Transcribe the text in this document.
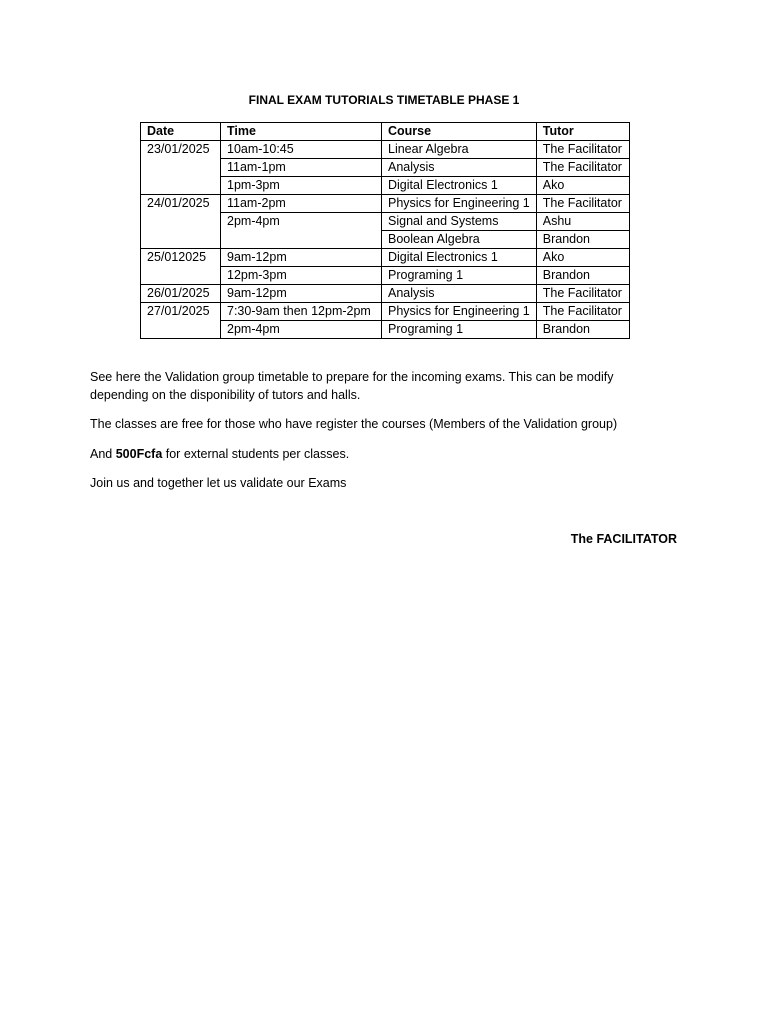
FINAL EXAM TUTORIALS TIMETABLE PHASE 1
Date	Time	Course	Tutor
23/01/2025	10am-10:45	Linear Algebra	The Facilitator
	11am-1pm	Analysis	The Facilitator
	1pm-3pm	Digital Electronics 1	Ako
24/01/2025	11am-2pm	Physics for Engineering 1	The Facilitator
	2pm-4pm	Signal and Systems	Ashu
		Boolean Algebra	Brandon
25/012025	9am-12pm	Digital Electronics 1	Ako
	12pm-3pm	Programing 1	Brandon
26/01/2025	9am-12pm	Analysis	The Facilitator
27/01/2025	7:30-9am then 12pm-2pm	Physics for Engineering 1	The Facilitator
	2pm-4pm	Programing 1	Brandon
See here the Validation group timetable to prepare for the incoming exams. This can be modify depending on the disponibility of tutors and halls.
The classes are free for those who have register the courses (Members of the Validation group)
And 500Fcfa for external students per classes.
Join us and together let us validate our Exams
The FACILITATOR
